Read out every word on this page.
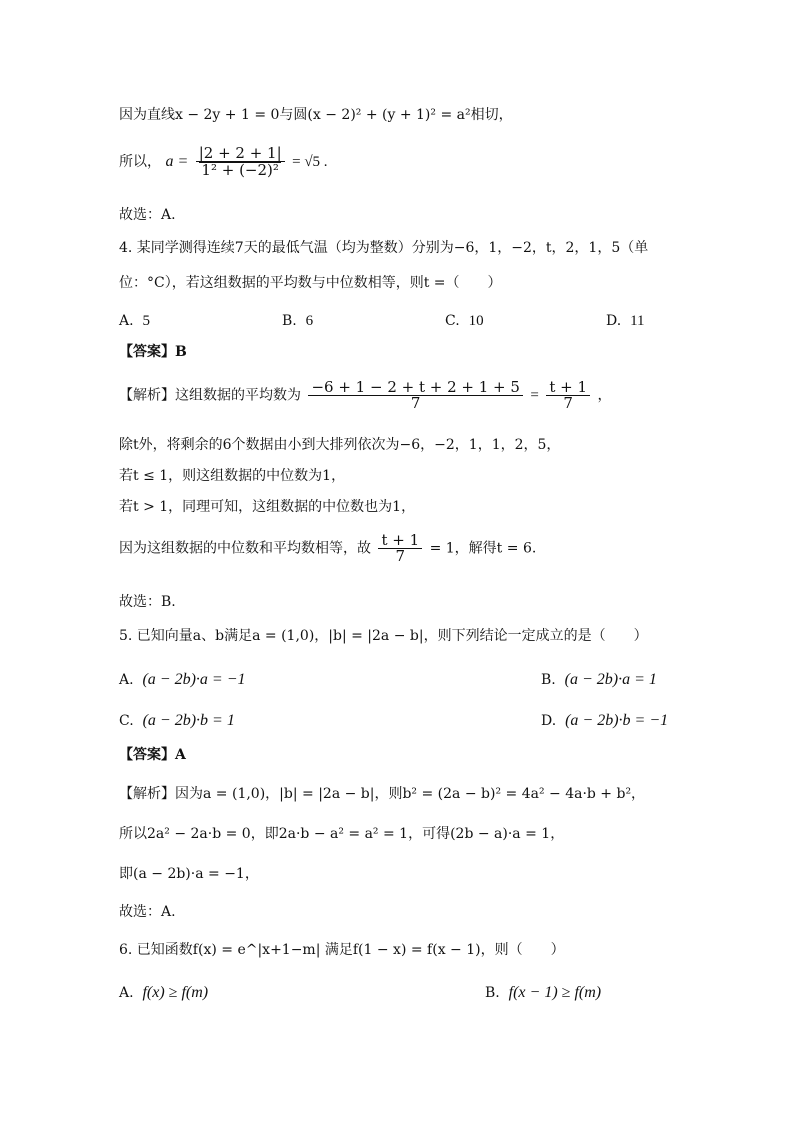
因为直线x − 2y + 1 = 0与圆(x − 2)² + (y + 1)² = a²相切，
所以， $a = \frac{|2 + 2 + 1|}{\text{1² + (−2)²}} = √5$ .
故选：A.
4. 某同学测得连续7天的最低气温（均为整数）分别为−6，1，−2，t，2，1，5（单
位：°C），若这组数据的平均数与中位数相等，则t =（　　）
A. 5	B. 6	C. 10	D. 11
【答案】B
【解析】这组数据的平均数为 $\frac{-6 + 1 - 2 + t + 2 + 1 + 5}{7} = \frac{t + 1}{7}$ ，
除t外，将剩余的6个数据由小到大排列依次为−6，−2，1，1，2，5，
若t ≤ 1，则这组数据的中位数为1，
若t > 1，同理可知，这组数据的中位数也为1，
因为这组数据的中位数和平均数相等，故 $\frac{t + 1}{7} = 1$，解得t = 6.
故选：B.
5. 已知向量a、b满足a = (1,0)，|b| = |2a − b|，则下列结论一定成立的是（　　）
A. (a − 2b)·a = −1	B. (a − 2b)·a = 1
C. (a − 2b)·b = 1	D. (a − 2b)·b = −1
【答案】A
【解析】因为a = (1,0)，|b| = |2a − b|，则b² = (2a − b)² = 4a² − 4a·b + b²，
所以2a² − 2a·b = 0，即2a·b − a² = a² = 1，可得(2b − a)·a = 1，
即(a − 2b)·a = −1，
故选：A.
6. 已知函数f(x) = e^|x+1−m| 满足f(1 − x) = f(x − 1)，则（　　）
A. f(x) ≥ f(m)	B. f(x − 1) ≥ f(m)
